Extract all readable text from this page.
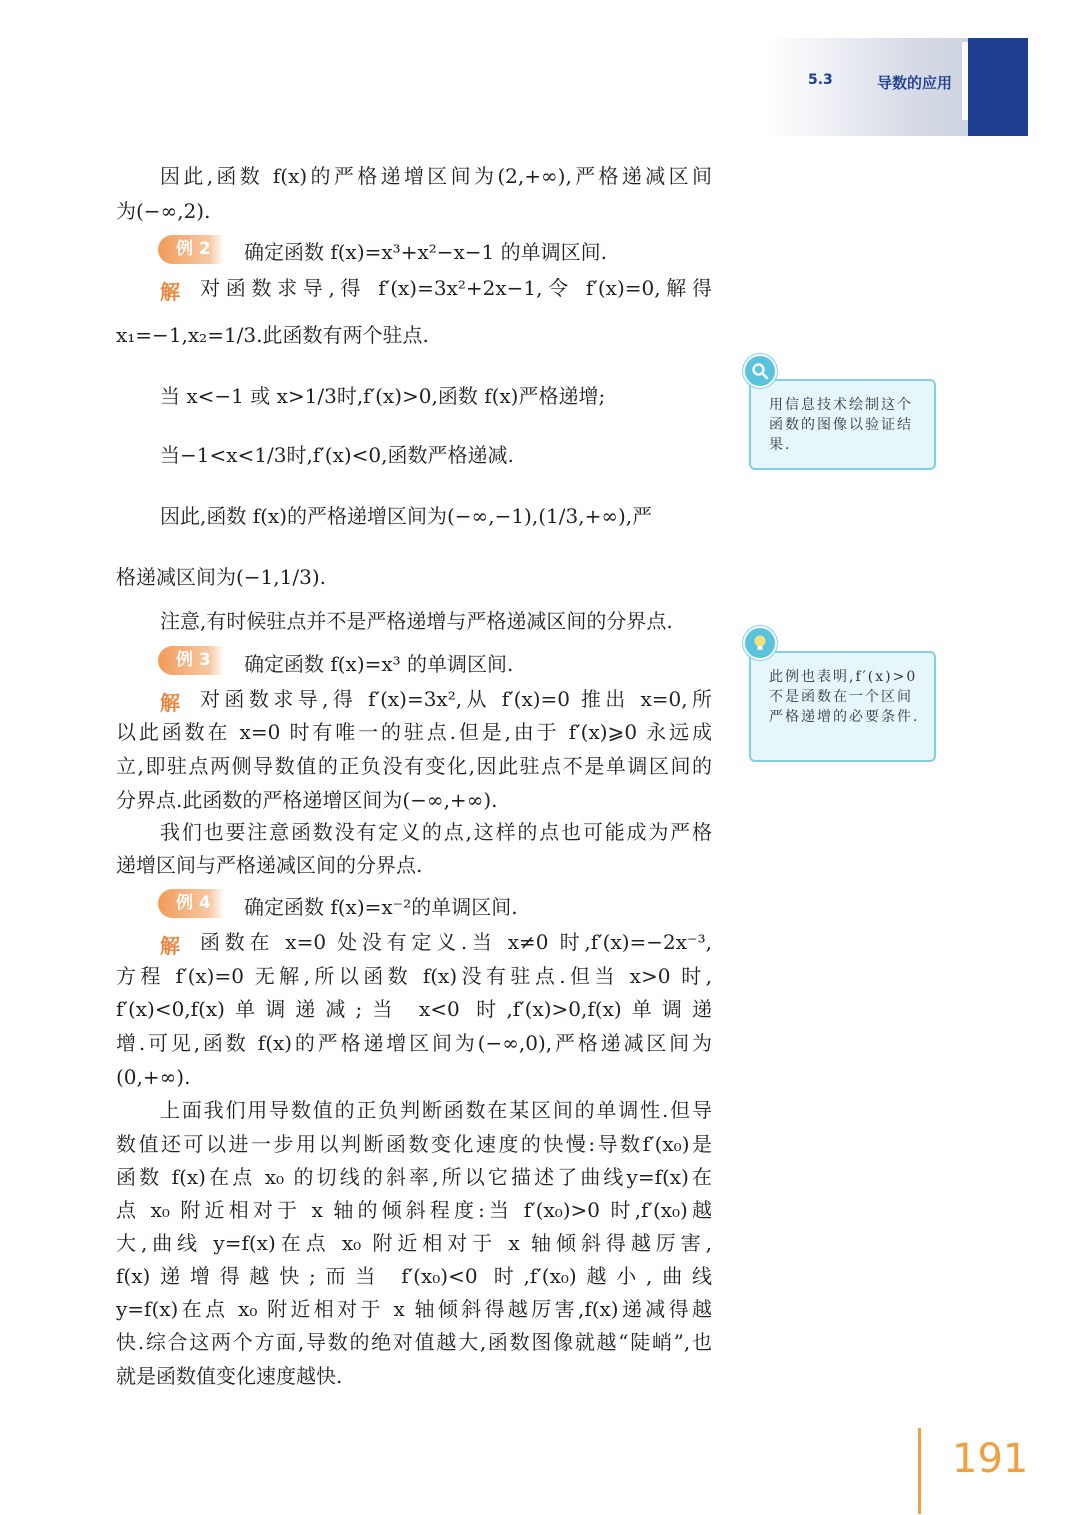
5.3	导数的应用
因此,函数 f(x)的严格递增区间为(2,+∞),严格递减区间
为(−∞,2).
例 2	确定函数 f(x)=x³+x²−x−1 的单调区间.
解 对函数求导,得 f′(x)=3x²+2x−1,令 f′(x)=0,解得
x₁=−1,x₂=1/3.此函数有两个驻点.
当 x<−1 或 x>1/3时,f′(x)>0,函数 f(x)严格递增;
当−1<x<1/3时,f′(x)<0,函数严格递减.
因此,函数 f(x)的严格递增区间为(−∞,−1),(1/3,+∞),严
格递减区间为(−1,1/3).
注意,有时候驻点并不是严格递增与严格递减区间的分界点.
例 3	确定函数 f(x)=x³ 的单调区间.
解 对函数求导,得 f′(x)=3x²,从 f′(x)=0 推出 x=0,所
以此函数在 x=0 时有唯一的驻点.但是,由于 f′(x)⩾0 永远成
立,即驻点两侧导数值的正负没有变化,因此驻点不是单调区间的
分界点.此函数的严格递增区间为(−∞,+∞).
我们也要注意函数没有定义的点,这样的点也可能成为严格
递增区间与严格递减区间的分界点.
例 4	确定函数 f(x)=x⁻²的单调区间.
解 函数在 x=0 处没有定义.当 x≠0 时,f′(x)=−2x⁻³,
方程 f′(x)=0 无解,所以函数 f(x)没有驻点.但当 x>0 时,
f′(x)<0,f(x)单调递减;当 x<0 时,f′(x)>0,f(x)单调递
增.可见,函数 f(x)的严格递增区间为(−∞,0),严格递减区间为
(0,+∞).
上面我们用导数值的正负判断函数在某区间的单调性.但导
数值还可以进一步用以判断函数变化速度的快慢:导数f′(x₀)是
函数 f(x)在点 x₀ 的切线的斜率,所以它描述了曲线y=f(x)在
点 x₀ 附近相对于 x 轴的倾斜程度:当 f′(x₀)>0 时,f′(x₀)越
大,曲线 y=f(x)在点 x₀ 附近相对于 x 轴倾斜得越厉害,
f(x)递增得越快;而当 f′(x₀)<0 时,f′(x₀)越小,曲线
y=f(x)在点 x₀ 附近相对于 x 轴倾斜得越厉害,f(x)递减得越
快.综合这两个方面,导数的绝对值越大,函数图像就越“陡峭”,也
就是函数值变化速度越快.

用信息技术绘制这个函数的图像以验证结果.

此例也表明,f′(x)>0 不是函数在一个区间严格递增的必要条件.

191
